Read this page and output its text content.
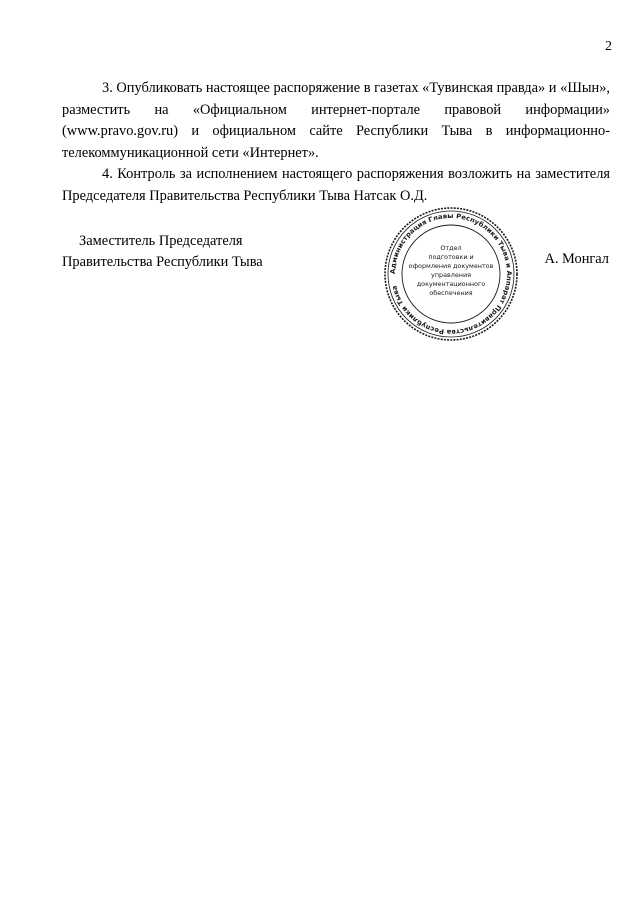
2

3. Опубликовать настоящее распоряжение в газетах «Тувинская правда» и «Шын», разместить на «Официальном интернет-портале правовой информации» (www.pravo.gov.ru) и официальном сайте Республики Тыва в информационно-телекоммуникационной сети «Интернет».

4. Контроль за исполнением настоящего распоряжения возложить на заместителя Председателя Правительства Республики Тыва Натсак О.Д.

Заместитель Председателя
Правительства Республики Тыва
Администрация Главы Республики Тыва и Аппарат Правительства Республики Тыва
Отдел
подготовки и
оформления документов
управления
документационного
обеспечения
А. Монгал
